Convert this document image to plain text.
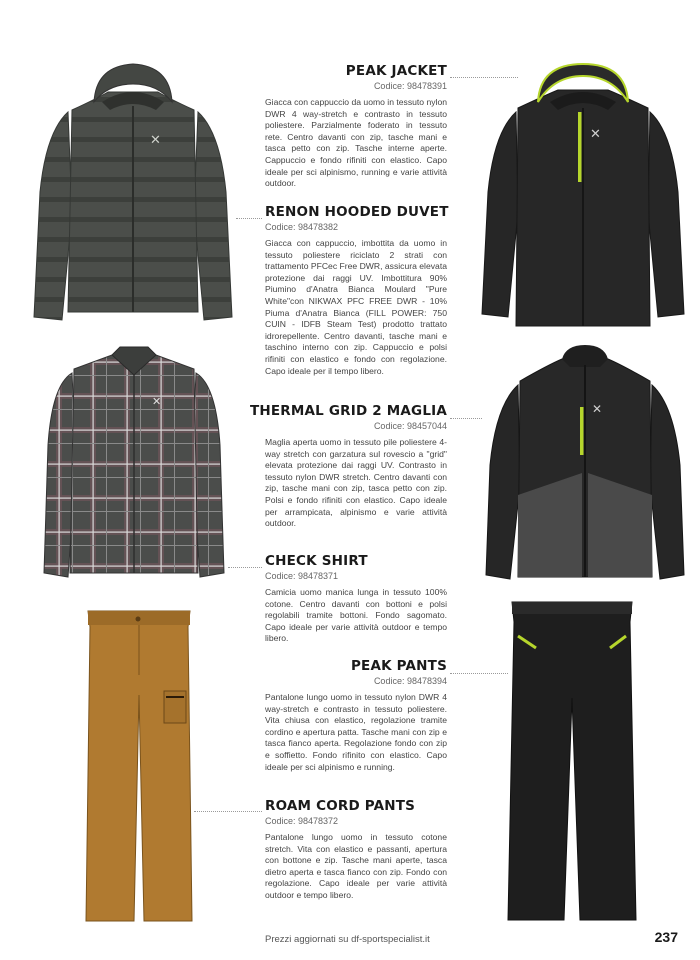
✕	✕
✕
✕
PEAK JACKET
Codice: 98478391
Giacca con cappuccio da uomo in tessuto nylon DWR 4 way-stretch e contrasto in tessuto poliestere. Parzialmente foderato in tessuto rete. Centro davanti con zip, tasche mani e tasca petto con zip. Tasche interne aperte. Cappuccio e fondo rifiniti con elastico. Capo ideale per sci alpinismo, running e varie attività outdoor.
RENON HOODED DUVET
Codice: 98478382
Giacca con cappuccio, imbottita da uomo in tessuto poliestere riciclato 2 strati con trattamento PFCec Free DWR, assicura elevata protezione dai raggi UV. Imbottitura 90% Piumino d'Anatra Bianca Moulard "Pure White"con NIKWAX PFC FREE DWR - 10% Piuma d'Anatra Bianca (FILL POWER: 750 CUIN - IDFB Steam Test) prodotto trattato idrorepellente. Centro davanti, tasche mani e taschino interno con zip. Cappuccio e polsi rifiniti con elastico e fondo con regolazione. Capo ideale per il tempo libero.
THERMAL GRID 2 MAGLIA
Codice: 98457044
Maglia aperta uomo in tessuto pile poliestere 4-way stretch con garzatura sul rovescio a "grid" elevata protezione dai raggi UV. Contrasto in tessuto nylon DWR stretch. Centro davanti con zip, tasche mani con zip, tasca petto con zip. Polsi e fondo rifiniti con elastico. Capo ideale per arrampicata, alpinismo e varie attività outdoor.
CHECK SHIRT
Codice: 98478371
Camicia uomo manica lunga in tessuto 100% cotone. Centro davanti con bottoni e polsi regolabili tramite bottoni. Fondo sagomato. Capo ideale per varie attività outdoor e tempo libero.
PEAK PANTS
Codice: 98478394
Pantalone lungo uomo in tessuto nylon DWR 4 way-stretch e contrasto in tessuto poliestere. Vita chiusa con elastico, regolazione tramite cordino e apertura patta. Tasche mani con zip e tasca fianco aperta. Regolazione fondo con zip e soffietto. Fondo rifinito con elastico. Capo ideale per sci alpinismo e running.
ROAM CORD PANTS
Codice: 98478372
Pantalone lungo uomo in tessuto cotone stretch. Vita con elastico e passanti, apertura con bottone e zip. Tasche mani aperte, tasca dietro aperta e tasca fianco con zip. Fondo con regolazione. Capo ideale per varie attività outdoor e tempo libero.
Prezzi aggiornati su df-sportspecialist.it	237
